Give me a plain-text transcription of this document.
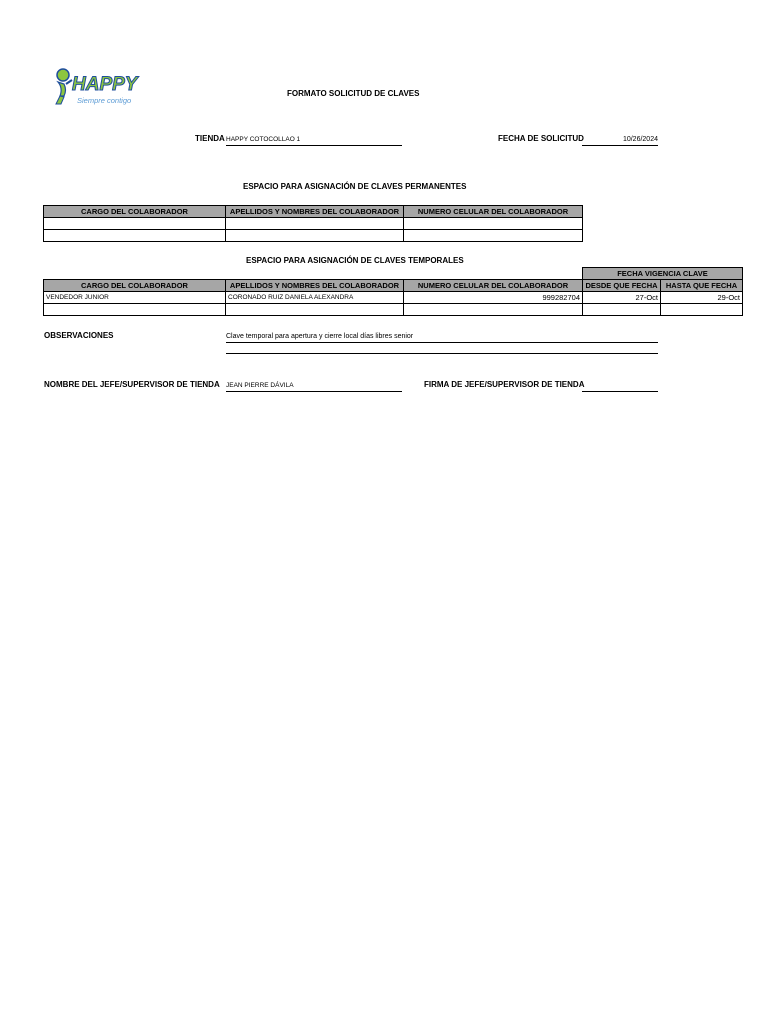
HAPPY
Siempre contigo
FORMATO SOLICITUD DE CLAVES
TIENDA HAPPY COTOCOLLAO 1	FECHA DE SOLICITUD	10/26/2024
ESPACIO PARA ASIGNACIÓN DE CLAVES PERMANENTES
CARGO DEL COLABORADOR	APELLIDOS Y NOMBRES DEL COLABORADOR	NUMERO CELULAR DEL COLABORADOR

ESPACIO PARA ASIGNACIÓN DE CLAVES TEMPORALES
			FECHA VIGENCIA CLAVE	
CARGO DEL COLABORADOR	APELLIDOS Y NOMBRES DEL COLABORADOR	NUMERO CELULAR DEL COLABORADOR	DESDE QUE FECHA	HASTA QUE FECHA
VENDEDOR JUNIOR	CORONADO RUIZ DANIELA ALEXANDRA	999282704	27-Oct	29-Oct

OBSERVACIONES	Clave temporal para apertura y cierre local días libres senior
NOMBRE DEL JEFE/SUPERVISOR DE TIENDA JEAN PIERRE DÁVILA	FIRMA DE JEFE/SUPERVISOR DE TIENDA
